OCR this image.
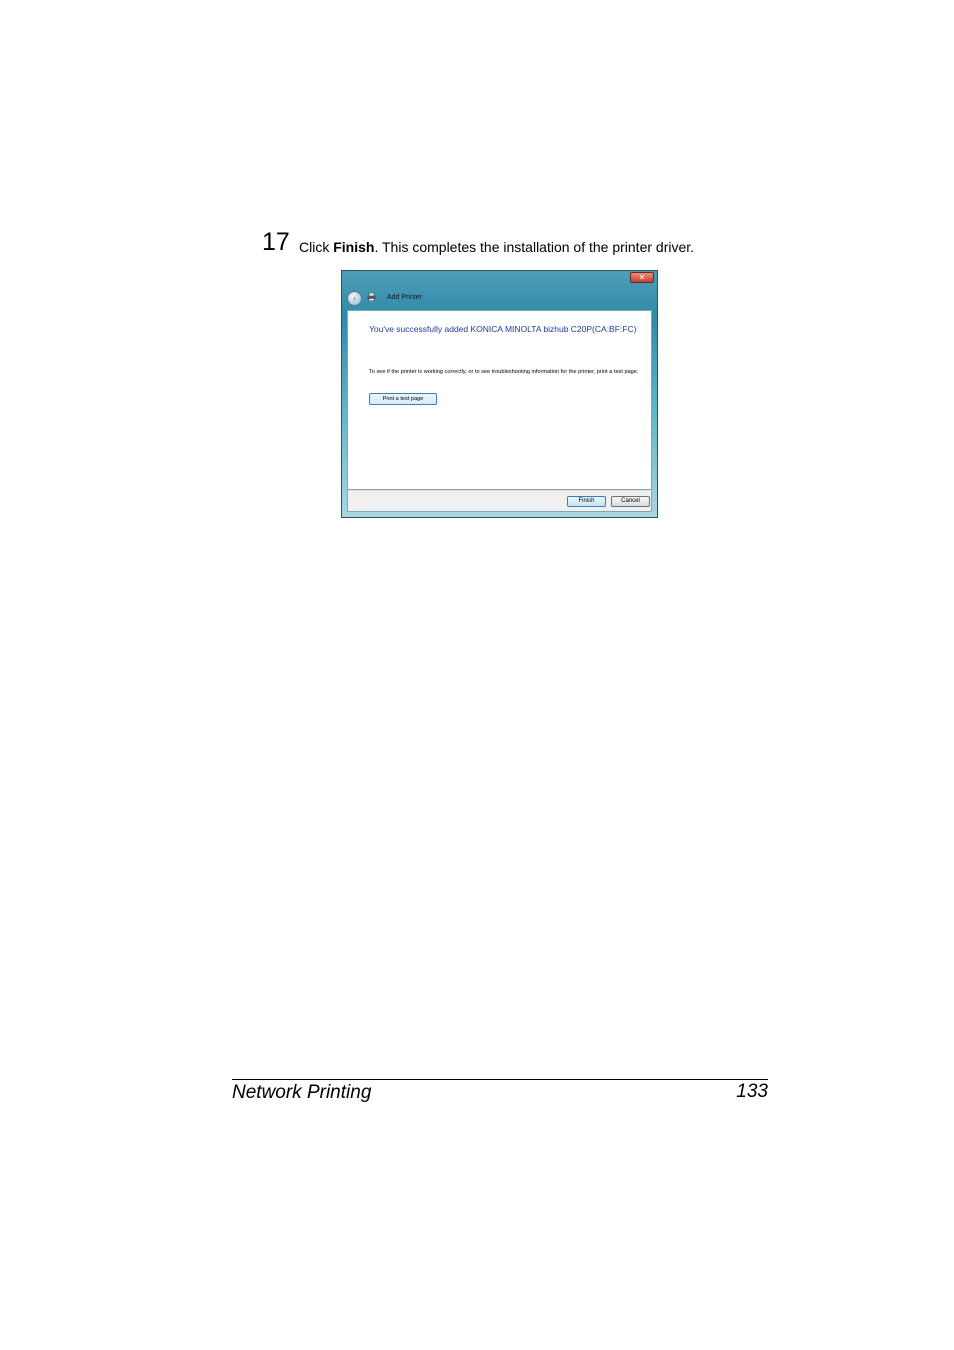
17 Click Finish. This completes the installation of the printer driver.
✕
‹	Add Printer
You've successfully added KONICA MINOLTA bizhub C20P(CA:BF:FC)
To see if the printer is working correctly, or to see troubleshooting information for the printer, print a test page.
Print a test page
Finish	Cancel
Network Printing	133
